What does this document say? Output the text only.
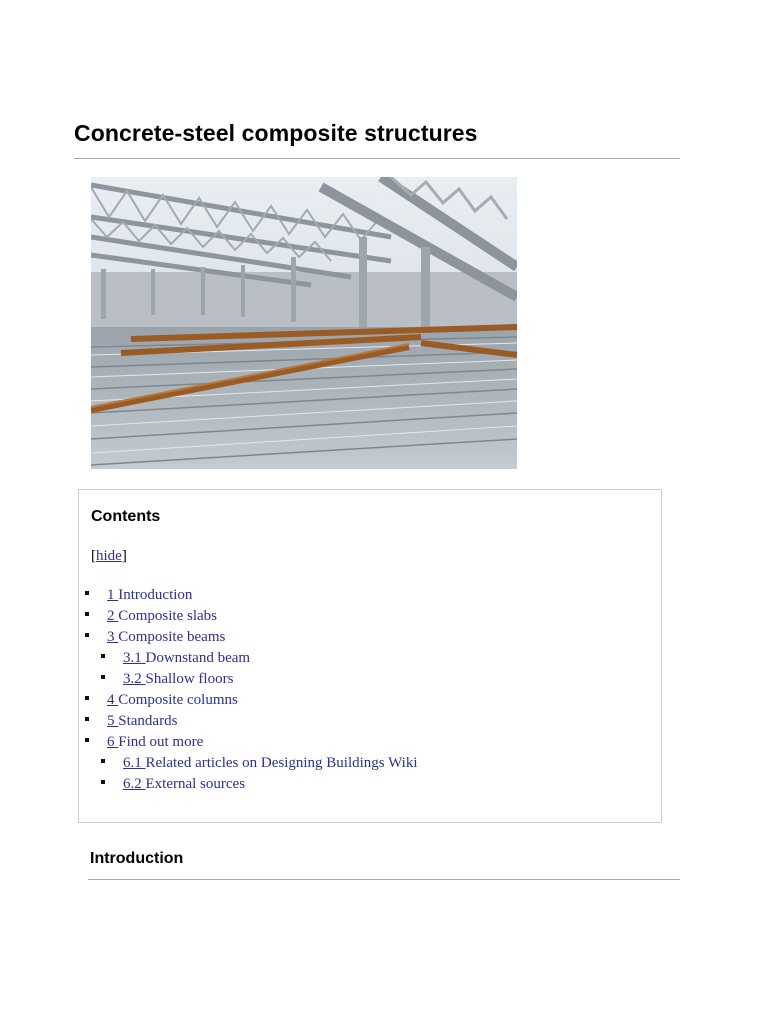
Concrete-steel composite structures
Contents
[hide]
1 Introduction
2 Composite slabs
3 Composite beams
3.1 Downstand beam
3.2 Shallow floors
4 Composite columns
5 Standards
6 Find out more
6.1 Related articles on Designing Buildings Wiki
6.2 External sources
Introduction
